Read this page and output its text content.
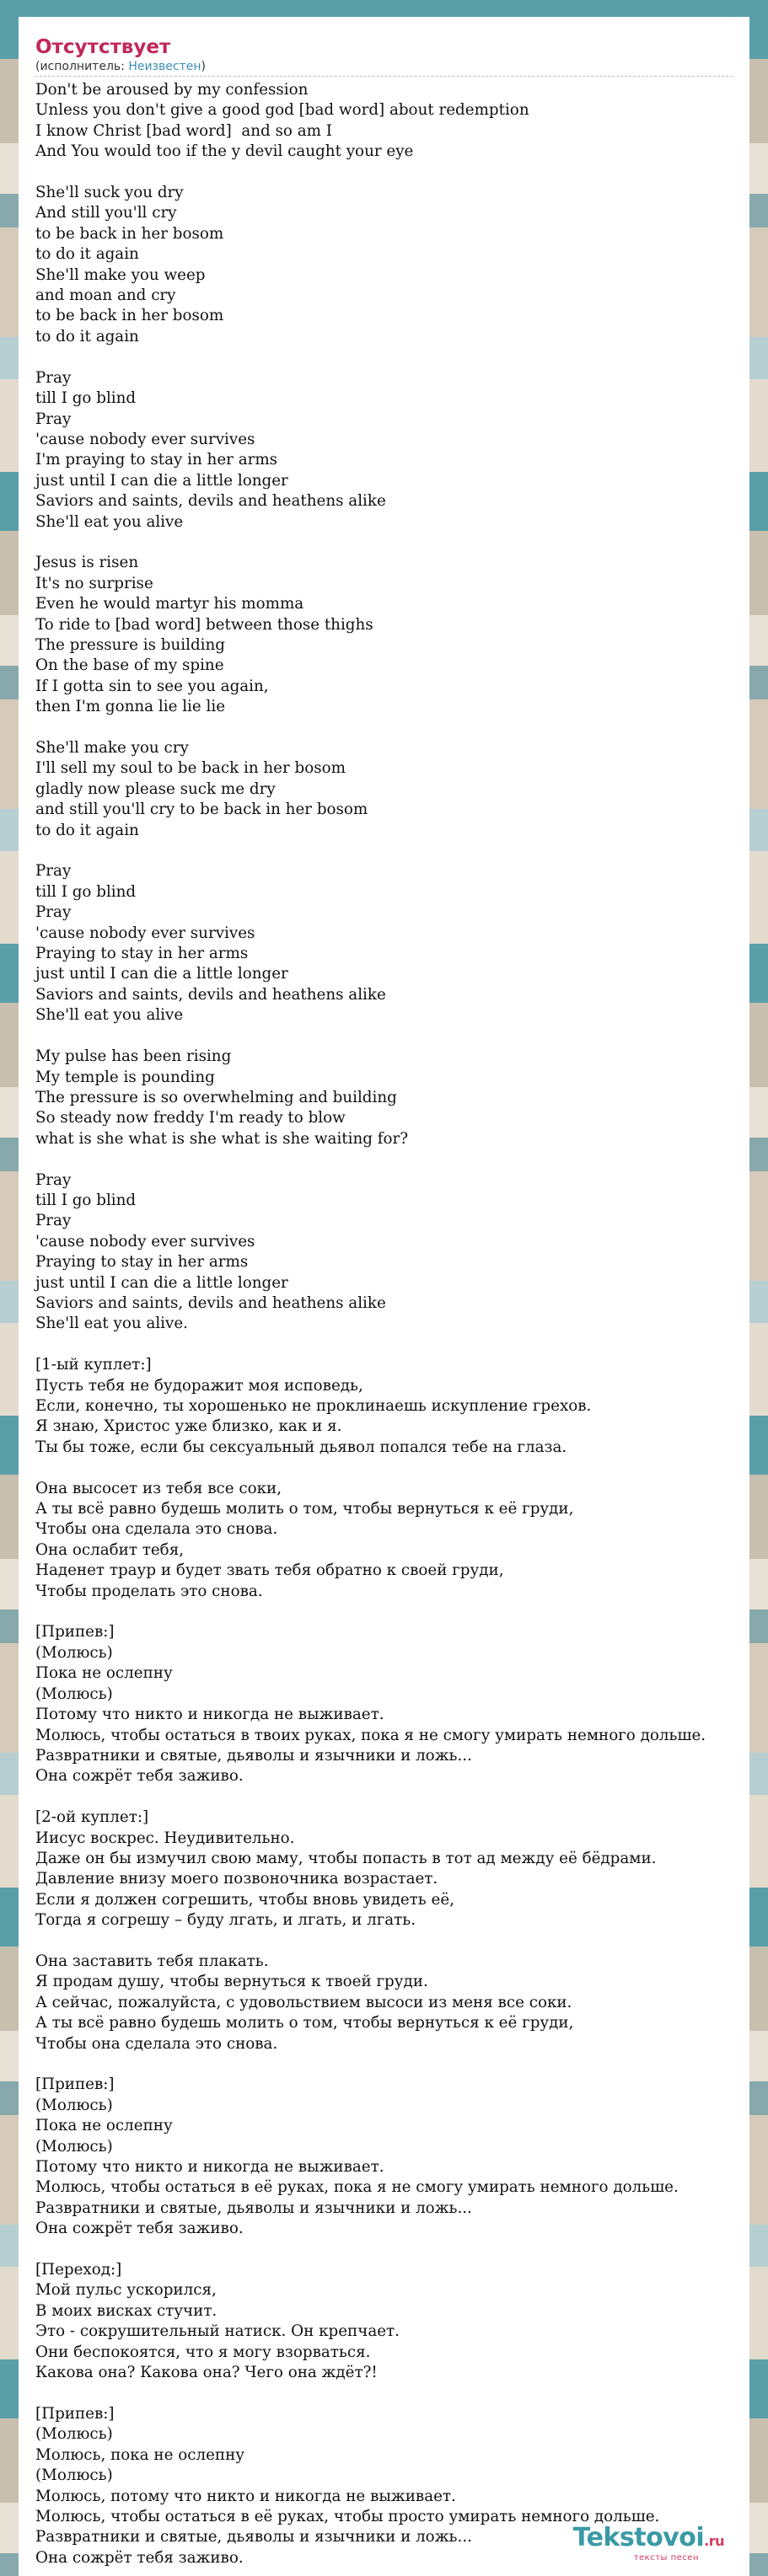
Отсутствует
(исполнитель: Неизвестен)
Don't be aroused by my confession
Unless you don't give a good god [bad word] about redemption
I know Christ [bad word]  and so am I
And You would too if the y devil caught your eye

She'll suck you dry
And still you'll cry
to be back in her bosom
to do it again
She'll make you weep
and moan and cry
to be back in her bosom
to do it again

Pray
till I go blind
Pray
'cause nobody ever survives
I'm praying to stay in her arms
just until I can die a little longer
Saviors and saints, devils and heathens alike
She'll eat you alive

Jesus is risen
It's no surprise
Even he would martyr his momma
To ride to [bad word] between those thighs
The pressure is building
On the base of my spine
If I gotta sin to see you again,
then I'm gonna lie lie lie

She'll make you cry
I'll sell my soul to be back in her bosom
gladly now please suck me dry
and still you'll cry to be back in her bosom
to do it again

Pray
till I go blind
Pray
'cause nobody ever survives
Praying to stay in her arms
just until I can die a little longer
Saviors and saints, devils and heathens alike
She'll eat you alive

My pulse has been rising
My temple is pounding
The pressure is so overwhelming and building
So steady now freddy I'm ready to blow
what is she what is she what is she waiting for?

Pray
till I go blind
Pray
'cause nobody ever survives
Praying to stay in her arms
just until I can die a little longer
Saviors and saints, devils and heathens alike
She'll eat you alive.

[1-ый куплет:]
Пусть тебя не будоражит моя исповедь,
Если, конечно, ты хорошенько не проклинаешь искупление грехов.
Я знаю, Христос уже близко, как и я.
Ты бы тоже, если бы сексуальный дьявол попался тебе на глаза.

Она высосет из тебя все соки,
А ты всё равно будешь молить о том, чтобы вернуться к её груди,
Чтобы она сделала это снова.
Она ослабит тебя,
Наденет траур и будет звать тебя обратно к своей груди,
Чтобы проделать это снова.

[Припев:]
(Молюсь)
Пока не ослепну
(Молюсь)
Потому что никто и никогда не выживает.
Молюсь, чтобы остаться в твоих руках, пока я не смогу умирать немного дольше.
Развратники и святые, дьяволы и язычники и ложь...
Она сожрёт тебя заживо.

[2-ой куплет:]
Иисус воскрес. Неудивительно.
Даже он бы измучил свою маму, чтобы попасть в тот ад между её бёдрами.
Давление внизу моего позвоночника возрастает.
Если я должен согрешить, чтобы вновь увидеть её,
Тогда я согрешу – буду лгать, и лгать, и лгать.

Она заставить тебя плакать.
Я продам душу, чтобы вернуться к твоей груди.
А сейчас, пожалуйста, с удовольствием высоси из меня все соки.
А ты всё равно будешь молить о том, чтобы вернуться к её груди,
Чтобы она сделала это снова.

[Припев:]
(Молюсь)
Пока не ослепну
(Молюсь)
Потому что никто и никогда не выживает.
Молюсь, чтобы остаться в её руках, пока я не смогу умирать немного дольше.
Развратники и святые, дьяволы и язычники и ложь...
Она сожрёт тебя заживо.

[Переход:]
Мой пульс ускорился,
В моих висках стучит.
Это - сокрушительный натиск. Он крепчает.
Они беспокоятся, что я могу взорваться.
Какова она? Какова она? Чего она ждёт?!

[Припев:]
(Молюсь)
Молюсь, пока не ослепну
(Молюсь)
Молюсь, потому что никто и никогда не выживает.
Молюсь, чтобы остаться в её руках, чтобы просто умирать немного дольше.
Развратники и святые, дьяволы и язычники и ложь...
Она сожрёт тебя заживо.
Tekstovoi.ru
тексты песен
